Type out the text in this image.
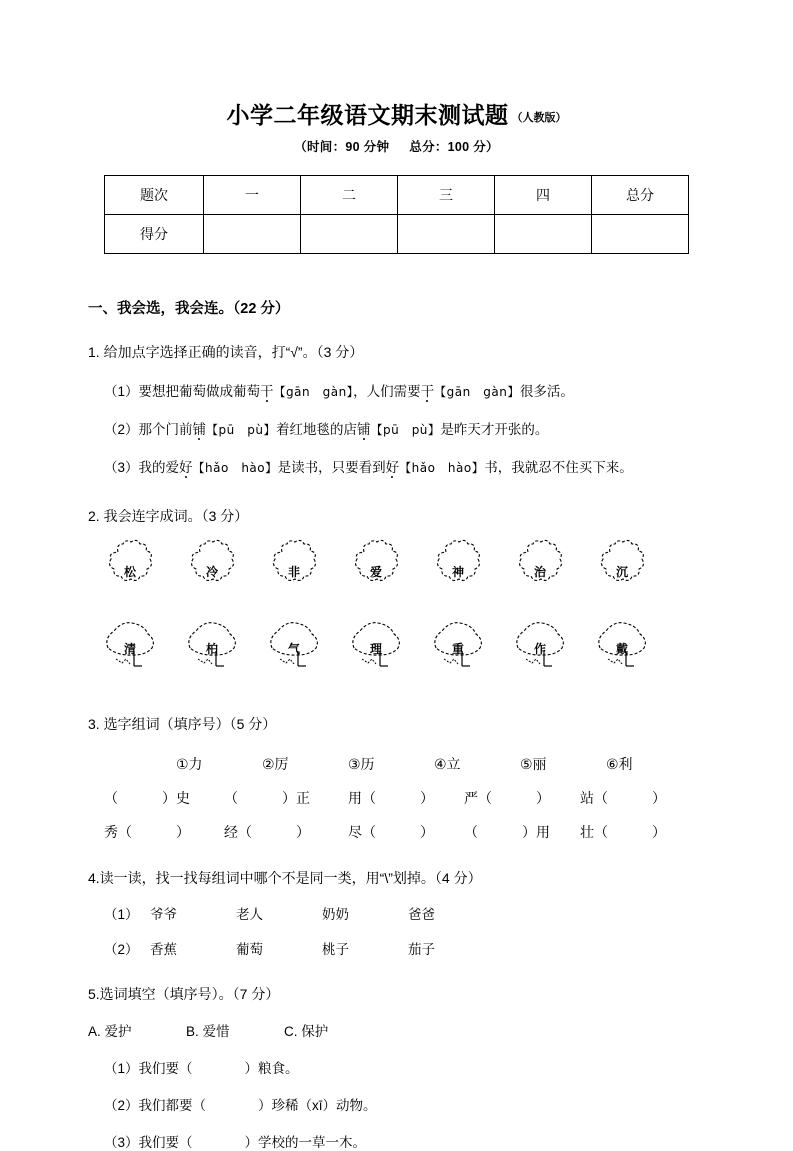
小学二年级语文期末测试题 （人教版）
（时间：90 分钟 总分：100 分）
题次	一	二	三	四	总分
得分					
一、我会选，我会连。（22 分）
1. 给加点字选择正确的读音，打“√”。（3 分）
（1）要想把葡萄做成葡萄干【gān　gàn】，人们需要干【gān　gàn】很多活。
（2）那个门前铺【pū　pù】着红地毯的店铺【pū　pù】是昨天才开张的。
（3）我的爱好【hǎo　hào】是读书，只要看到好【hǎo　hào】书，我就忍不住买下来。
2. 我会连字成词。（3 分）
松	冷	非	爱	神	治	沉
清	柏	气	理	重	作	戴
3. 选字组词（填序号）（5 分）
①力	②厉	③历	④立	⑤丽	⑥利
（	）史 （	）正	用（	） 严（	） 站（	）
秀（	） 经（	）	尽（	） （	）用 壮（	）
4.读一读，找一找每组词中哪个不是同一类，用“\”划掉。（4 分）
（1） 爷爷	老人	奶奶	爸爸
（2） 香蕉	葡萄	桃子	茄子
5.选词填空（填序号）。（7 分）
A. 爱护	B. 爱惜	C. 保护
（1）我们要（	）粮食。
（2）我们都要（	）珍稀（xī）动物。
（3）我们要（	）学校的一草一木。
